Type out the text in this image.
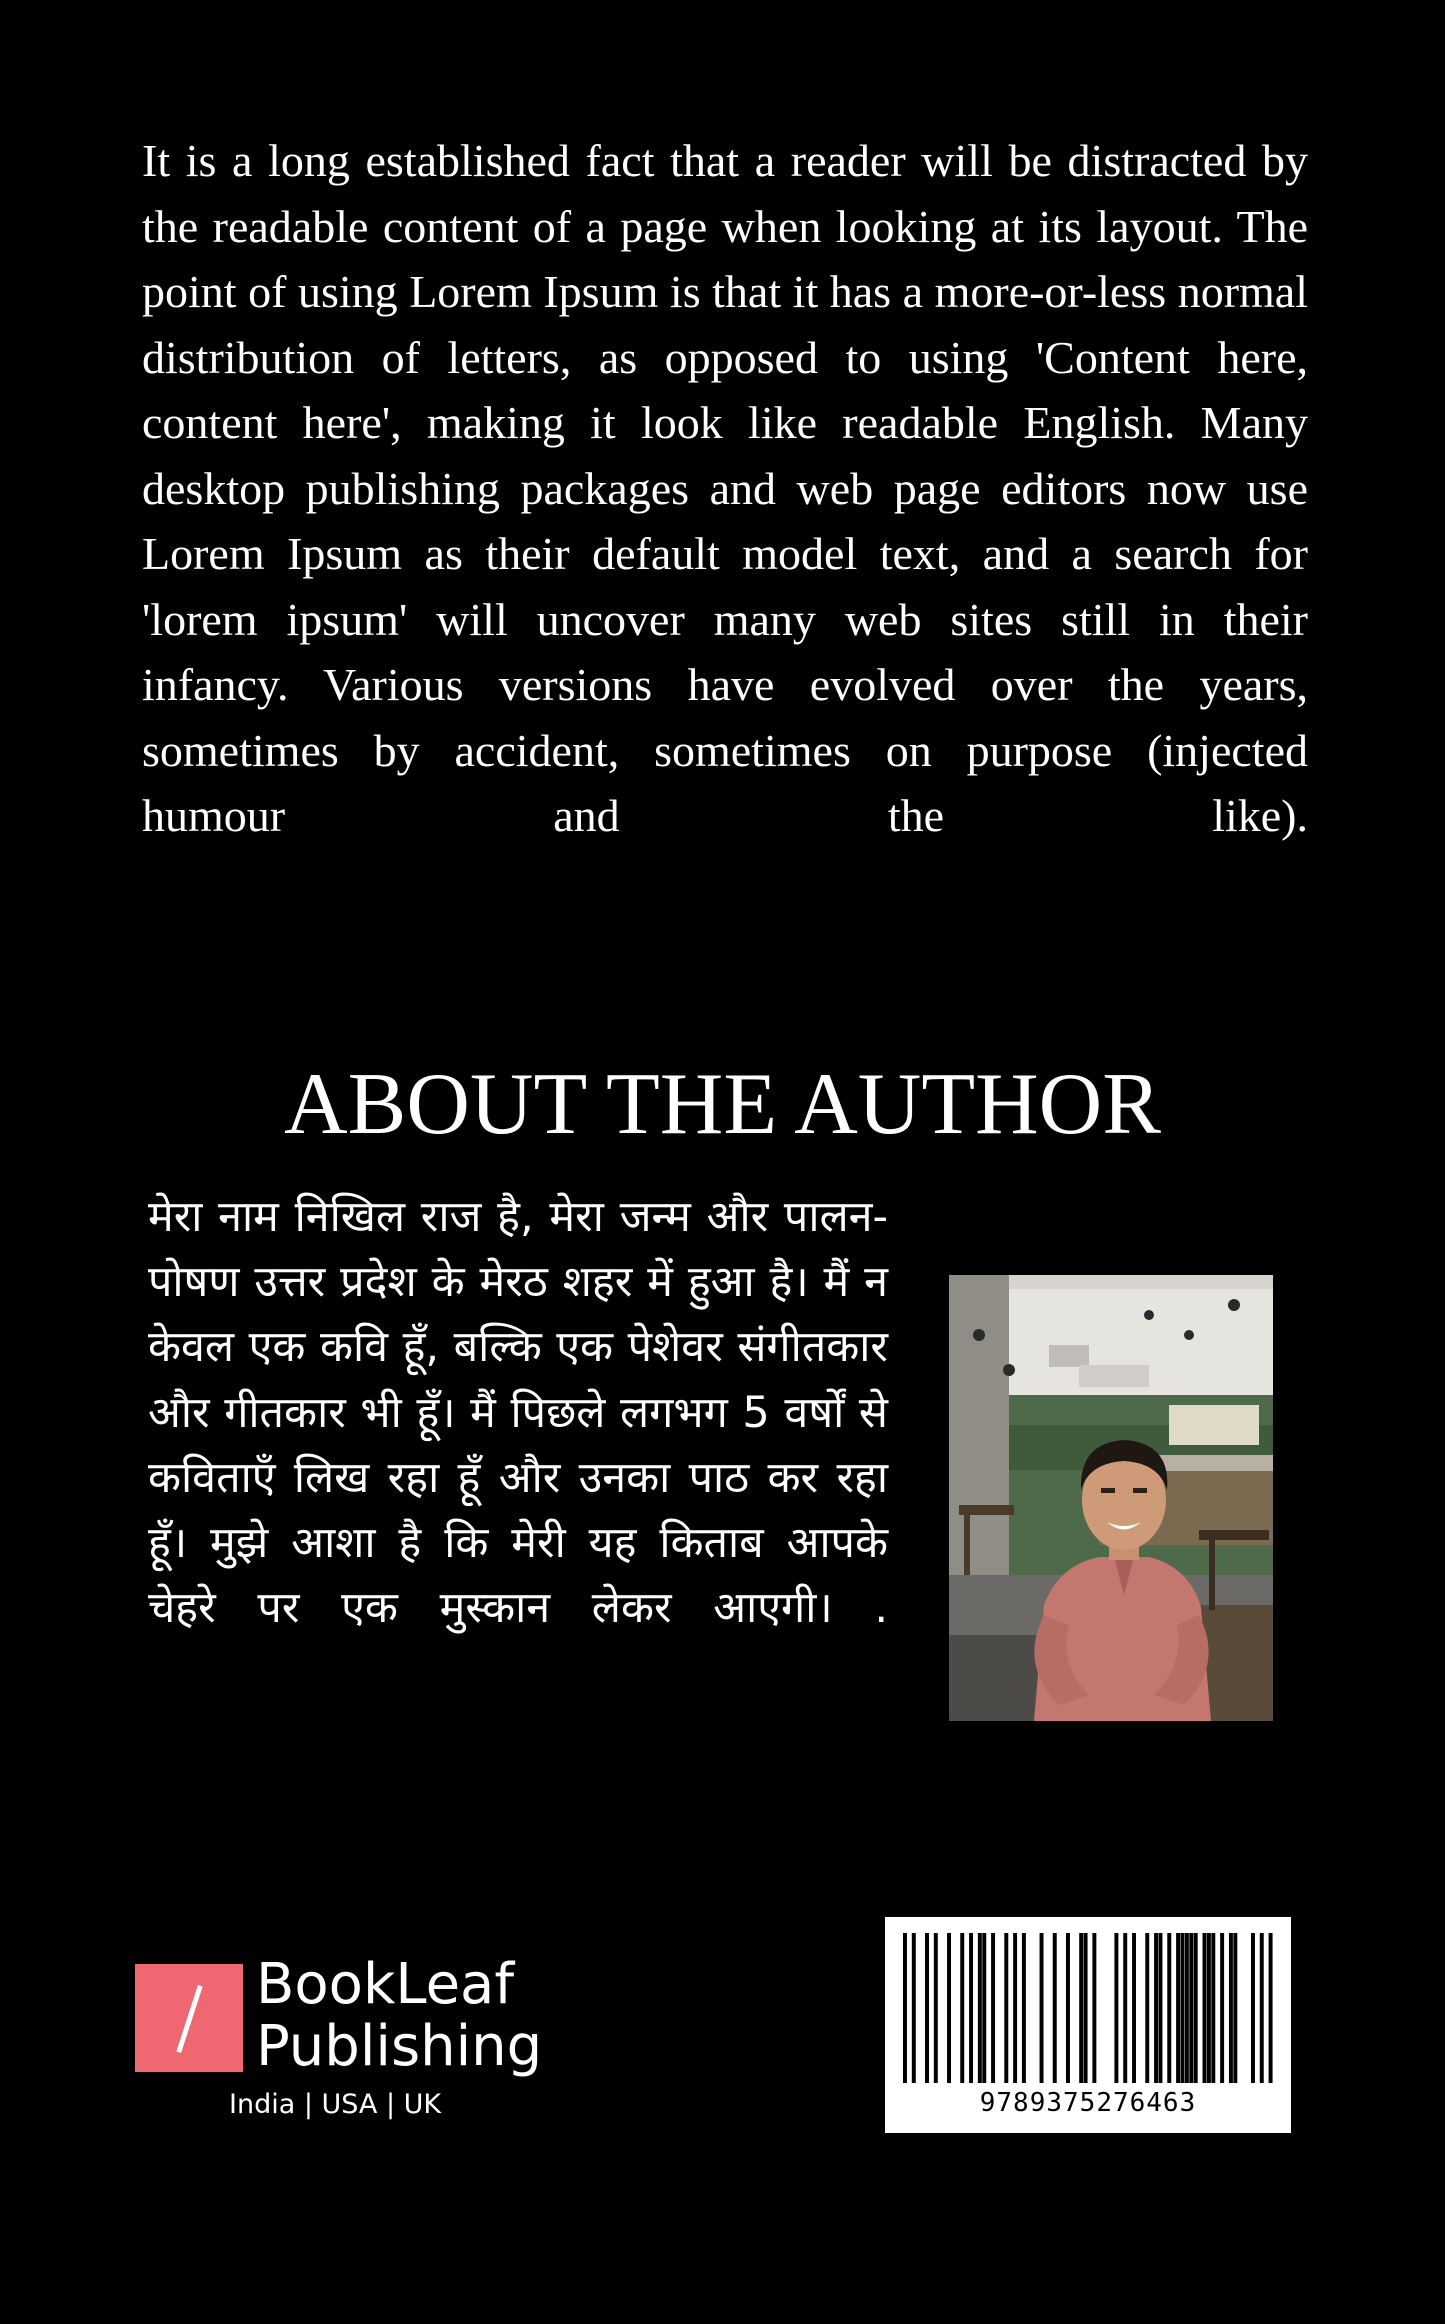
It is a long established fact that a reader will be distracted by the readable content of a page when looking at its layout. The point of using Lorem Ipsum is that it has a more-or-less normal distribution of letters, as opposed to using 'Content here, content here', making it look like readable English. Many desktop publishing packages and web page editors now use Lorem Ipsum as their default model text, and a search for 'lorem ipsum' will uncover many web sites still in their infancy. Various versions have evolved over the years, sometimes by accident, sometimes on purpose (injected humour and the like).

ABOUT THE AUTHOR

मेरा नाम निखिल राज है, मेरा जन्म और पालन-पोषण उत्तर प्रदेश के मेरठ शहर में हुआ है। मैं न केवल एक कवि हूँ, बल्कि एक पेशेवर संगीतकार और गीतकार भी हूँ। मैं पिछले लगभग 5 वर्षों से कविताएँ लिख रहा हूँ और उनका पाठ कर रहा हूँ। मुझे आशा है कि मेरी यह किताब आपके चेहरे पर एक मुस्कान लेकर आएगी। .

BookLeaf
Publishing
India | USA | UK	9789375276463
